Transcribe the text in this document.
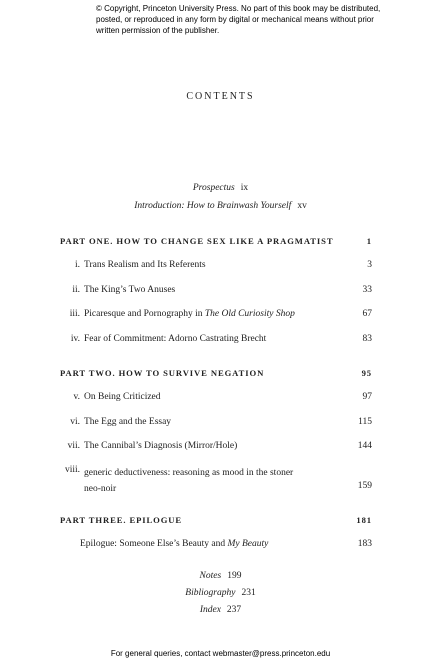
© Copyright, Princeton University Press. No part of this book may be distributed, posted, or reproduced in any form by digital or mechanical means without prior written permission of the publisher.
CONTENTS
Prospectus ix
Introduction: How to Brainwash Yourself xv
PART ONE. HOW TO CHANGE SEX LIKE A PRAGMATIST	1
i. Trans Realism and Its Referents	3
ii. The King’s Two Anuses	33
iii. Picaresque and Pornography in The Old Curiosity Shop	67
iv. Fear of Commitment: Adorno Castrating Brecht	83
PART TWO. HOW TO SURVIVE NEGATION	95
v. On Being Criticized	97
vi. The Egg and the Essay	115
vii. The Cannibal’s Diagnosis (Mirror/Hole)	144
viii. generic deductiveness: reasoning as mood in the stoner
neo-noir	159
PART THREE. EPILOGUE	181
Epilogue: Someone Else’s Beauty and My Beauty	183
Notes 199
Bibliography 231
Index 237
For general queries, contact webmaster@press.princeton.edu
